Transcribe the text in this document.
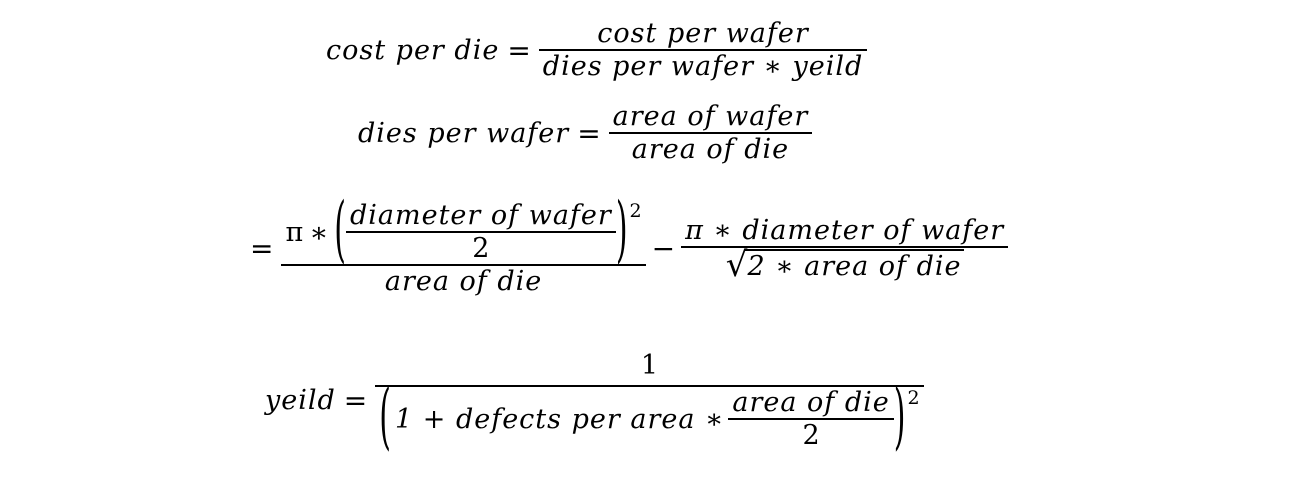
cost per die = $\frac{\text{cost per wafer}}{\text{dies per wafer ∗ yeild}}$
dies per wafer = $\frac{\text{area of wafer}}{\text{area of die}}$
= π ∗ ( $\frac{\text{diameter of wafer}}{2}$ ) 2
area of die
− $\frac{\text{π ∗ diameter of wafer}}{\text{√ 2 ∗ area of die}}$
yeild =
1
( 1 + defects per area ∗ $\frac{\text{area of die}}{2}$ ) 2
